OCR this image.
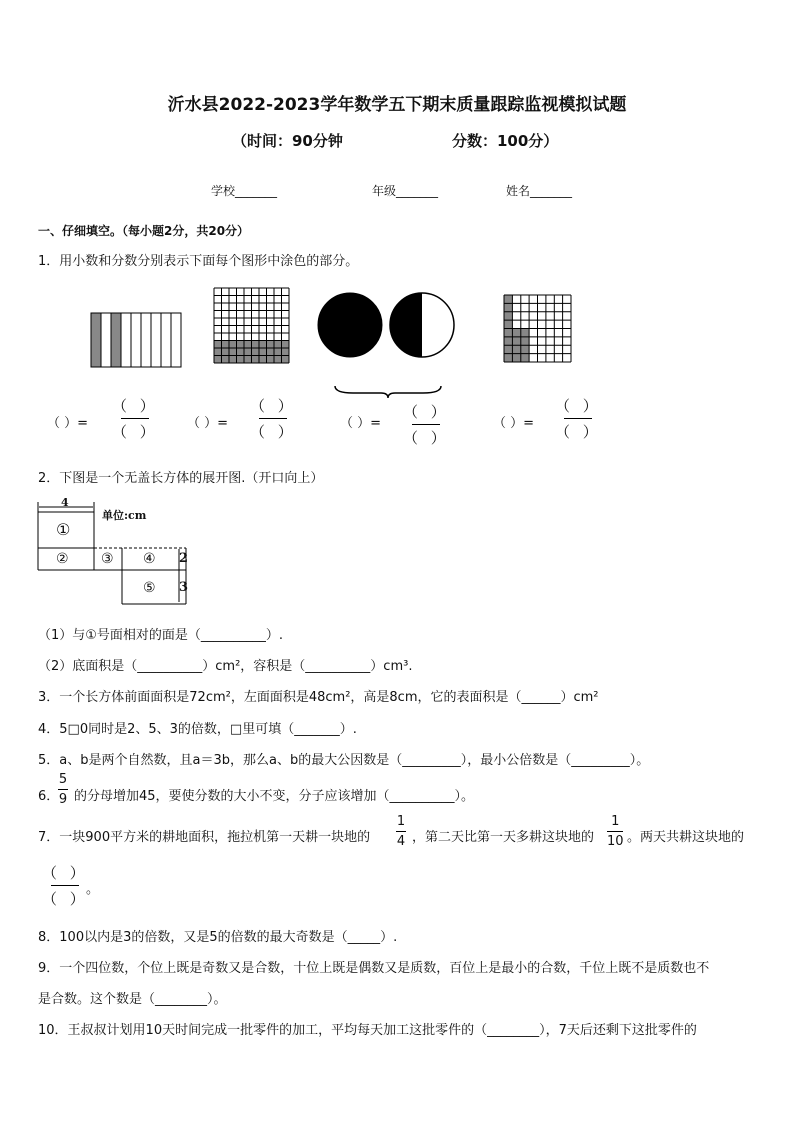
沂水县2022-2023学年数学五下期末质量跟踪监视模拟试题
（时间：90分钟	分数：100分）
学校_______	年级_______	姓名_______
一、仔细填空。（每小题2分，共20分）
1．用小数和分数分别表示下面每个图形中涂色的部分。
（ ）=
（ ）
（ ） （ ）=
（ ）
（ ）	（ ）=
（ ）
（ ）
（ ）=
（ ）
（ ）
2．下图是一个无盖长方体的展开图.（开口向上）
4
单位:cm
①
② ③ ④
⑤
2
3
（1）与①号面相对的面是（__________）.
（2）底面积是（__________）cm²，容积是（__________）cm³.
3．一个长方体前面面积是72cm²，左面面积是48cm²，高是8cm，它的表面积是（______）cm²
4．5□0同时是2、5、3的倍数，□里可填（_______）.
5．a、b是两个自然数，且a＝3b，那么a、b的最大公因数是（_________），最小公倍数是（_________）。
6．
5
9 的分母增加45，要使分数的大小不变，分子应该增加（__________）。
7．一块900平方米的耕地面积，拖拉机第一天耕一块地的
1
4 ，第二天比第一天多耕这块地的
1
10 。两天共耕这块地的
（ ）
（ ）
。
8．100以内是3的倍数，又是5的倍数的最大奇数是（_____）.
9．一个四位数，个位上既是奇数又是合数，十位上既是偶数又是质数，百位上是最小的合数，千位上既不是质数也不
是合数。这个数是（________）。
10．王叔叔计划用10天时间完成一批零件的加工，平均每天加工这批零件的（________），7天后还剩下这批零件的
